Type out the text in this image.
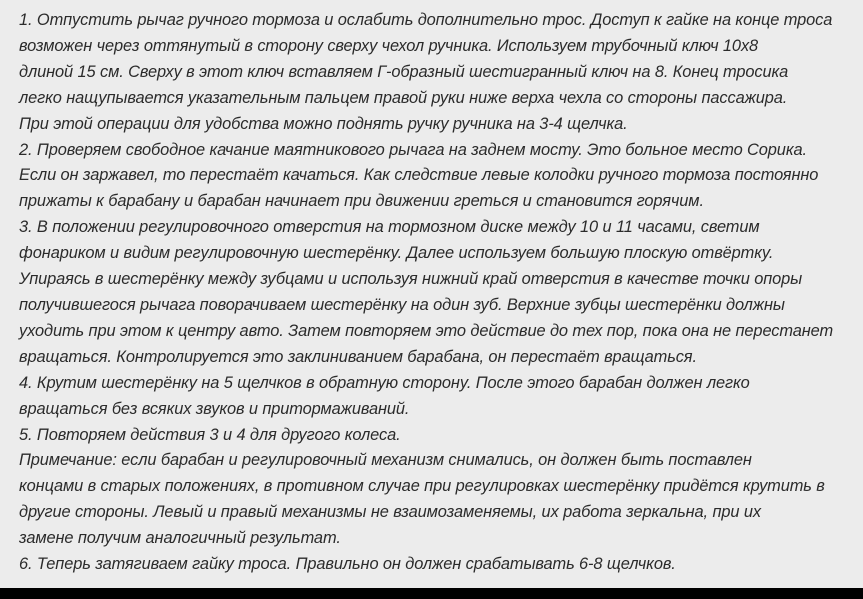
1. Отпустить рычаг ручного тормоза и ослабить дополнительно трос. Доступ к гайке на конце троса
возможен через оттянутый в сторону сверху чехол ручника. Используем трубочный ключ 10х8
длиной 15 см. Сверху в этот ключ вставляем Г-образный шестигранный ключ на 8. Конец тросика
легко нащупывается указательным пальцем правой руки ниже верха чехла со стороны пассажира.
При этой операции для удобства можно поднять ручку ручника на 3-4 щелчка.
2. Проверяем свободное качание маятникового рычага на заднем мосту. Это больное место Сорика.
Если он заржавел, то перестаёт качаться. Как следствие левые колодки ручного тормоза постоянно
прижаты к барабану и барабан начинает при движении греться и становится горячим.
3. В положении регулировочного отверстия на тормозном диске между 10 и 11 часами, светим
фонариком и видим регулировочную шестерёнку. Далее используем большую плоскую отвёртку.
Упираясь в шестерёнку между зубцами и используя нижний край отверстия в качестве точки опоры
получившегося рычага поворачиваем шестерёнку на один зуб. Верхние зубцы шестерёнки должны
уходить при этом к центру авто. Затем повторяем это действие до тех пор, пока она не перестанет
вращаться. Контролируется это заклиниванием барабана, он перестаёт вращаться.
4. Крутим шестерёнку на 5 щелчков в обратную сторону. После этого барабан должен легко
вращаться без всяких звуков и притормаживаний.
5. Повторяем действия 3 и 4 для другого колеса.
Примечание: если барабан и регулировочный механизм снимались, он должен быть поставлен
концами в старых положениях, в противном случае при регулировках шестерёнку придётся крутить в
другие стороны. Левый и правый механизмы не взаимозаменяемы, их работа зеркальна, при их
замене получим аналогичный результат.
6. Теперь затягиваем гайку троса. Правильно он должен срабатывать 6-8 щелчков.
